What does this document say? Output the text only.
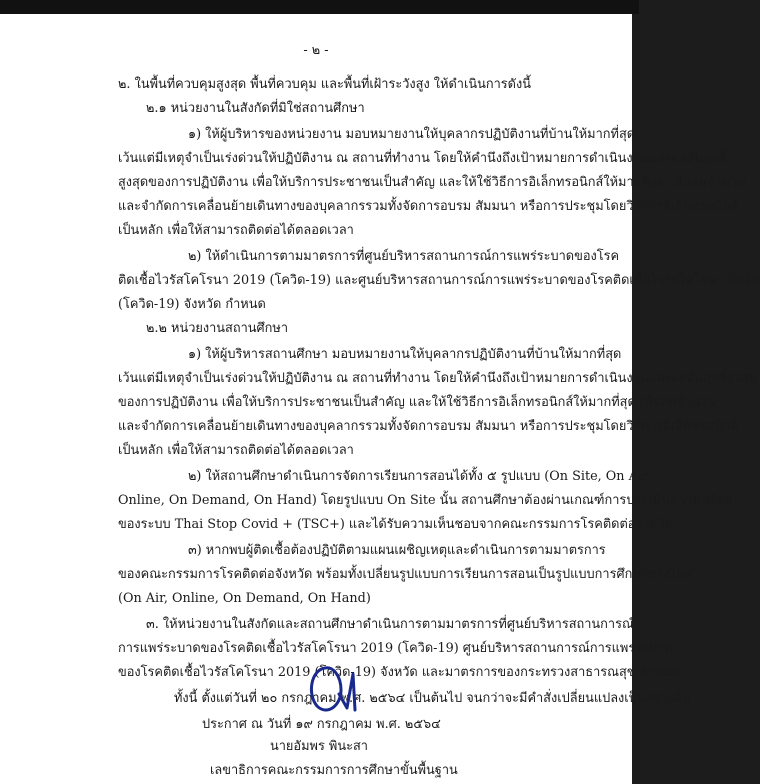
- ๒ -
๒. ในพื้นที่ควบคุมสูงสุด พื้นที่ควบคุม และพื้นที่เฝ้าระวังสูง ให้ดำเนินการดังนี้
๒.๑ หน่วยงานในสังกัดที่มิใช่สถานศึกษา
๑) ให้ผู้บริหารของหน่วยงาน มอบหมายงานให้บุคลากรปฏิบัติงานที่บ้านให้มากที่สุด
เว้นแต่มีเหตุจำเป็นเร่งด่วนให้ปฏิบัติงาน ณ สถานที่ทำงาน โดยให้คำนึงถึงเป้าหมายการดำเนินงานและผลสัมฤทธิ์
สูงสุดของการปฏิบัติงาน เพื่อให้บริการประชาชนเป็นสำคัญ และให้ใช้วิธีการอิเล็กทรอนิกส์ให้มากที่สุด เพื่อลดจำนวน
และจำกัดการเคลื่อนย้ายเดินทางของบุคลากรรวมทั้งจัดการอบรม สัมมนา หรือการประชุมโดยวิธีการอิเล็กทรอนิกส์
เป็นหลัก เพื่อให้สามารถติดต่อได้ตลอดเวลา
๒) ให้ดำเนินการตามมาตรการที่ศูนย์บริหารสถานการณ์การแพร่ระบาดของโรค
ติดเชื้อไวรัสโคโรนา 2019 (โควิด-19) และศูนย์บริหารสถานการณ์การแพร่ระบาดของโรคติดเชื้อไวรัสโคโรนา 2019
(โควิด-19) จังหวัด กำหนด
๒.๒ หน่วยงานสถานศึกษา
๑) ให้ผู้บริหารสถานศึกษา มอบหมายงานให้บุคลากรปฏิบัติงานที่บ้านให้มากที่สุด
เว้นแต่มีเหตุจำเป็นเร่งด่วนให้ปฏิบัติงาน ณ สถานที่ทำงาน โดยให้คำนึงถึงเป้าหมายการดำเนินงานและผลสัมฤทธิ์สูงสุด
ของการปฏิบัติงาน เพื่อให้บริการประชาชนเป็นสำคัญ และให้ใช้วิธีการอิเล็กทรอนิกส์ให้มากที่สุด เพื่อลดจำนวน
และจำกัดการเคลื่อนย้ายเดินทางของบุคลากรรวมทั้งจัดการอบรม สัมมนา หรือการประชุมโดยวิธีการอิเล็กทรอนิกส์
เป็นหลัก เพื่อให้สามารถติดต่อได้ตลอดเวลา
๒) ให้สถานศึกษาดำเนินการจัดการเรียนการสอนได้ทั้ง ๕ รูปแบบ (On Site, On Air,
Online, On Demand, On Hand) โดยรูปแบบ On Site นั้น สถานศึกษาต้องผ่านเกณฑ์การประเมินความพร้อม
ของระบบ Thai Stop Covid + (TSC+) และได้รับความเห็นชอบจากคณะกรรมการโรคติดต่อจังหวัด
๓) หากพบผู้ติดเชื้อต้องปฏิบัติตามแผนเผชิญเหตุและดำเนินการตามมาตรการ
ของคณะกรรมการโรคติดต่อจังหวัด พร้อมทั้งเปลี่ยนรูปแบบการเรียนการสอนเป็นรูปแบบการศึกษาทางไกล
(On Air, Online, On Demand, On Hand)
๓. ให้หน่วยงานในสังกัดและสถานศึกษาดำเนินการตามมาตรการที่ศูนย์บริหารสถานการณ์
การแพร่ระบาดของโรคติดเชื้อไวรัสโคโรนา 2019 (โควิด-19) ศูนย์บริหารสถานการณ์การแพร่ระบาด
ของโรคติดเชื้อไวรัสโคโรนา 2019 (โควิด-19) จังหวัด และมาตรการของกระทรวงสาธารณสุข กำหนด
ทั้งนี้ ตั้งแต่วันที่ ๒๐ กรกฎาคม พ.ศ. ๒๕๖๔ เป็นต้นไป จนกว่าจะมีคำสั่งเปลี่ยนแปลงเป็นอย่างอื่น
ประกาศ ณ วันที่ ๑๙ กรกฎาคม พ.ศ. ๒๕๖๔
นายอัมพร พินะสา
เลขาธิการคณะกรรมการการศึกษาขั้นพื้นฐาน
